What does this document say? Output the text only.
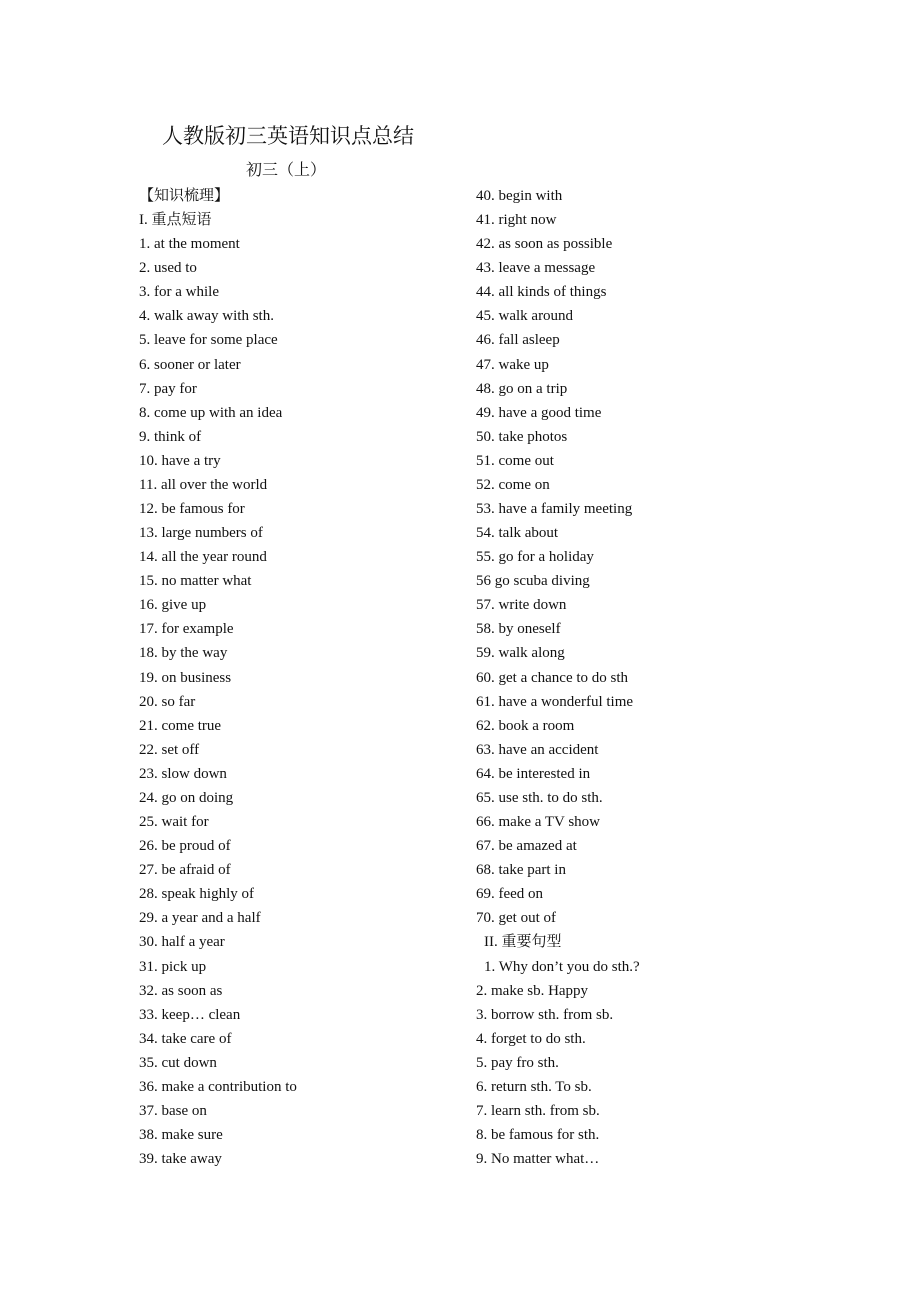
人教版初三英语知识点总结
初三（上）
【知识梳理】
I. 重点短语
1. at the moment
2. used to
3. for a while
4. walk away with sth.
5. leave for some place
6. sooner or later
7. pay for
8. come up with an idea
9. think of
10. have a try
11. all over the world
12. be famous for
13. large numbers of
14. all the year round
15. no matter what
16. give up
17. for example
18. by the way
19. on business
20. so far
21. come true
22. set off
23. slow down
24. go on doing
25. wait for
26. be proud of
27. be afraid of
28. speak highly of
29. a year and a half
30. half a year
31. pick up
32. as soon as
33. keep… clean
34. take care of
35. cut down
36. make a contribution to
37. base on
38. make sure
39. take away
40. begin with
41. right now
42. as soon as possible
43. leave a message
44. all kinds of things
45. walk around
46. fall asleep
47. wake up
48. go on a trip
49. have a good time
50. take photos
51. come out
52. come on
53. have a family meeting
54. talk about
55. go for a holiday
56 go scuba diving
57. write down
58. by oneself
59. walk along
60. get a chance to do sth
61. have a wonderful time
62. book a room
63. have an accident
64. be interested in
65. use sth. to do sth.
66. make a TV show
67. be amazed at
68. take part in
69. feed on
70. get out of
II. 重要句型
1. Why don’t you do sth.?
2. make sb. Happy
3. borrow sth. from sb.
4. forget to do sth.
5. pay fro sth.
6. return sth. To sb.
7. learn sth. from sb.
8. be famous for sth.
9. No matter what…
